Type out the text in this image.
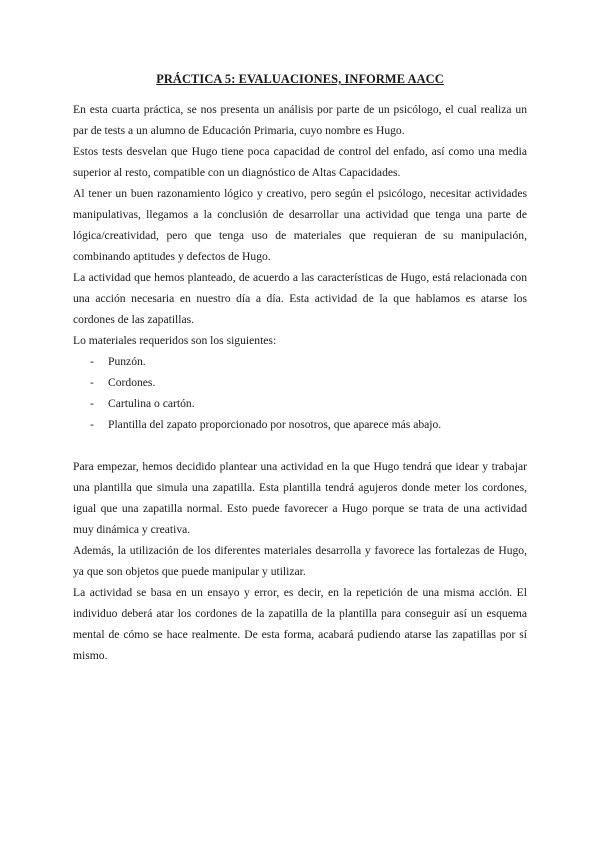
PRÁCTICA 5: EVALUACIONES, INFORME AACC

En esta cuarta práctica, se nos presenta un análisis por parte de un psicólogo, el cual realiza un par de tests a un alumno de Educación Primaria, cuyo nombre es Hugo.

Estos tests desvelan que Hugo tiene poca capacidad de control del enfado, así como una media superior al resto, compatible con un diagnóstico de Altas Capacidades.

Al tener un buen razonamiento lógico y creativo, pero según el psicólogo, necesitar actividades manipulativas, llegamos a la conclusión de desarrollar una actividad que tenga una parte de lógica/creatividad, pero que tenga uso de materiales que requieran de su manipulación, combinando aptitudes y defectos de Hugo.

La actividad que hemos planteado, de acuerdo a las características de Hugo, está relacionada con una acción necesaria en nuestro día a día. Esta actividad de la que hablamos es atarse los cordones de las zapatillas.

Lo materiales requeridos son los siguientes:

- Punzón.
- Cordones.
- Cartulina o cartón.
- Plantilla del zapato proporcionado por nosotros, que aparece más abajo.

Para empezar, hemos decidido plantear una actividad en la que Hugo tendrá que idear y trabajar una plantilla que simula una zapatilla. Esta plantilla tendrá agujeros donde meter los cordones, igual que una zapatilla normal. Esto puede favorecer a Hugo porque se trata de una actividad muy dinámica y creativa.

Además, la utilización de los diferentes materiales desarrolla y favorece las fortalezas de Hugo, ya que son objetos que puede manipular y utilizar.

La actividad se basa en un ensayo y error, es decir, en la repetición de una misma acción. El individuo deberá atar los cordones de la zapatilla de la plantilla para conseguir así un esquema mental de cómo se hace realmente. De esta forma, acabará pudiendo atarse las zapatillas por sí mismo.
